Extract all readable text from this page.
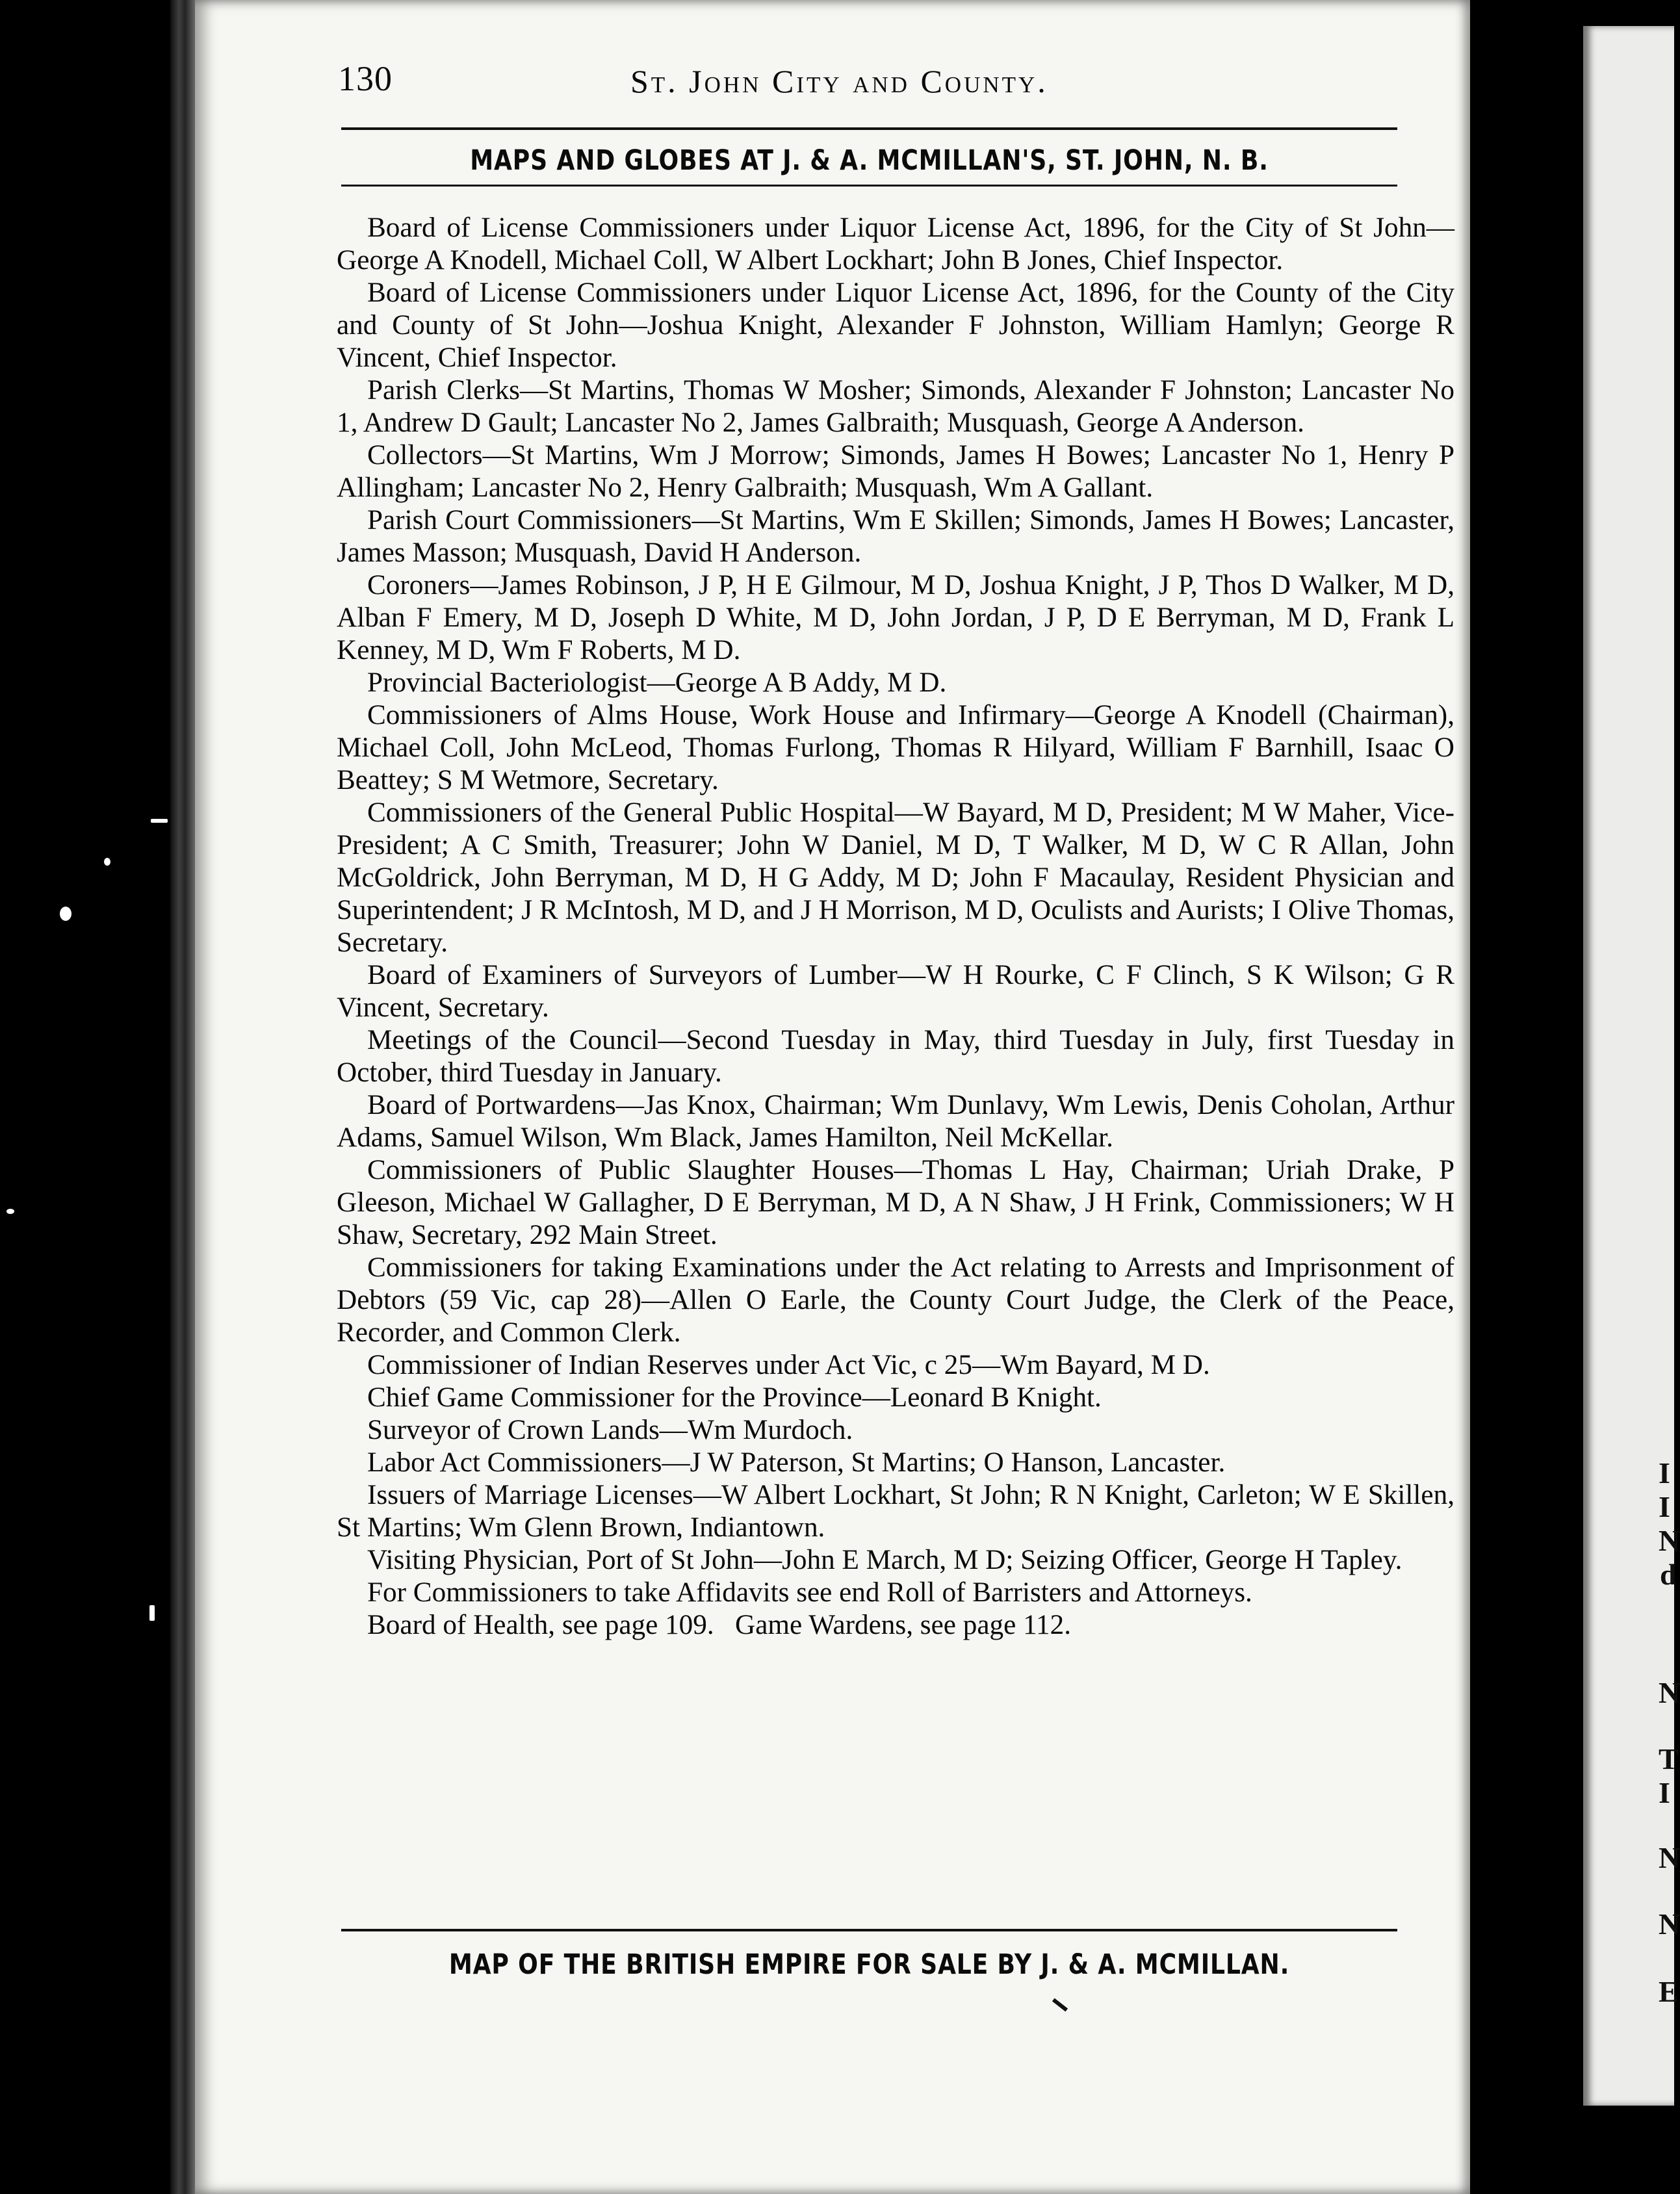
I
I
N
d
N
T
I
N
N
E
130	St. John City and County.
MAPS AND GLOBES AT J. & A. MCMILLAN'S, ST. JOHN, N. B.

Board of License Commissioners under Liquor License Act, 1896, for the City of St John—George A Knodell, Michael Coll, W Albert Lockhart; John B Jones, Chief Inspector.

Board of License Commissioners under Liquor License Act, 1896, for the County of the City and County of St John—Joshua Knight, Alexander F Johnston, William Hamlyn; George R Vincent, Chief Inspector.

Parish Clerks—St Martins, Thomas W Mosher; Simonds, Alexander F Johnston; Lancaster No 1, Andrew D Gault; Lancaster No 2, James Galbraith; Musquash, George A Anderson.

Collectors—St Martins, Wm J Morrow; Simonds, James H Bowes; Lancaster No 1, Henry P Allingham; Lancaster No 2, Henry Galbraith; Musquash, Wm A Gallant.

Parish Court Commissioners—St Martins, Wm E Skillen; Simonds, James H Bowes; Lancaster, James Masson; Musquash, David H Anderson.

Coroners—James Robinson, J P, H E Gilmour, M D, Joshua Knight, J P, Thos D Walker, M D, Alban F Emery, M D, Joseph D White, M D, John Jordan, J P, D E Berryman, M D, Frank L Kenney, M D, Wm F Roberts, M D.

Provincial Bacteriologist—George A B Addy, M D.

Commissioners of Alms House, Work House and Infirmary—George A Knodell (Chairman), Michael Coll, John McLeod, Thomas Furlong, Thomas R Hilyard, William F Barnhill, Isaac O Beattey; S M Wetmore, Secretary.

Commissioners of the General Public Hospital—W Bayard, M D, President; M W Maher, Vice-President; A C Smith, Treasurer; John W Daniel, M D, T Walker, M D, W C R Allan, John McGoldrick, John Berryman, M D, H G Addy, M D; John F Macaulay, Resident Physician and Superintendent; J R McIntosh, M D, and J H Morrison, M D, Oculists and Aurists; I Olive Thomas, Secretary.

Board of Examiners of Surveyors of Lumber—W H Rourke, C F Clinch, S K Wilson; G R Vincent, Secretary.

Meetings of the Council—Second Tuesday in May, third Tuesday in July, first Tuesday in October, third Tuesday in January.

Board of Portwardens—Jas Knox, Chairman; Wm Dunlavy, Wm Lewis, Denis Coholan, Arthur Adams, Samuel Wilson, Wm Black, James Hamilton, Neil McKellar.

Commissioners of Public Slaughter Houses—Thomas L Hay, Chairman; Uriah Drake, P Gleeson, Michael W Gallagher, D E Berryman, M D, A N Shaw, J H Frink, Commissioners; W H Shaw, Secretary, 292 Main Street.

Commissioners for taking Examinations under the Act relating to Arrests and Imprisonment of Debtors (59 Vic, cap 28)—Allen O Earle, the County Court Judge, the Clerk of the Peace, Recorder, and Common Clerk.

Commissioner of Indian Reserves under Act Vic, c 25—Wm Bayard, M D.

Chief Game Commissioner for the Province—Leonard B Knight.

Surveyor of Crown Lands—Wm Murdoch.

Labor Act Commissioners—J W Paterson, St Martins; O Hanson, Lancaster.

Issuers of Marriage Licenses—W Albert Lockhart, St John; R N Knight, Carleton; W E Skillen, St Martins; Wm Glenn Brown, Indiantown.

Visiting Physician, Port of St John—John E March, M D; Seizing Officer, George H Tapley.

For Commissioners to take Affidavits see end Roll of Barristers and Attorneys.

Board of Health, see page 109.   Game Wardens, see page 112.

MAP OF THE BRITISH EMPIRE FOR SALE BY J. & A. MCMILLAN.
